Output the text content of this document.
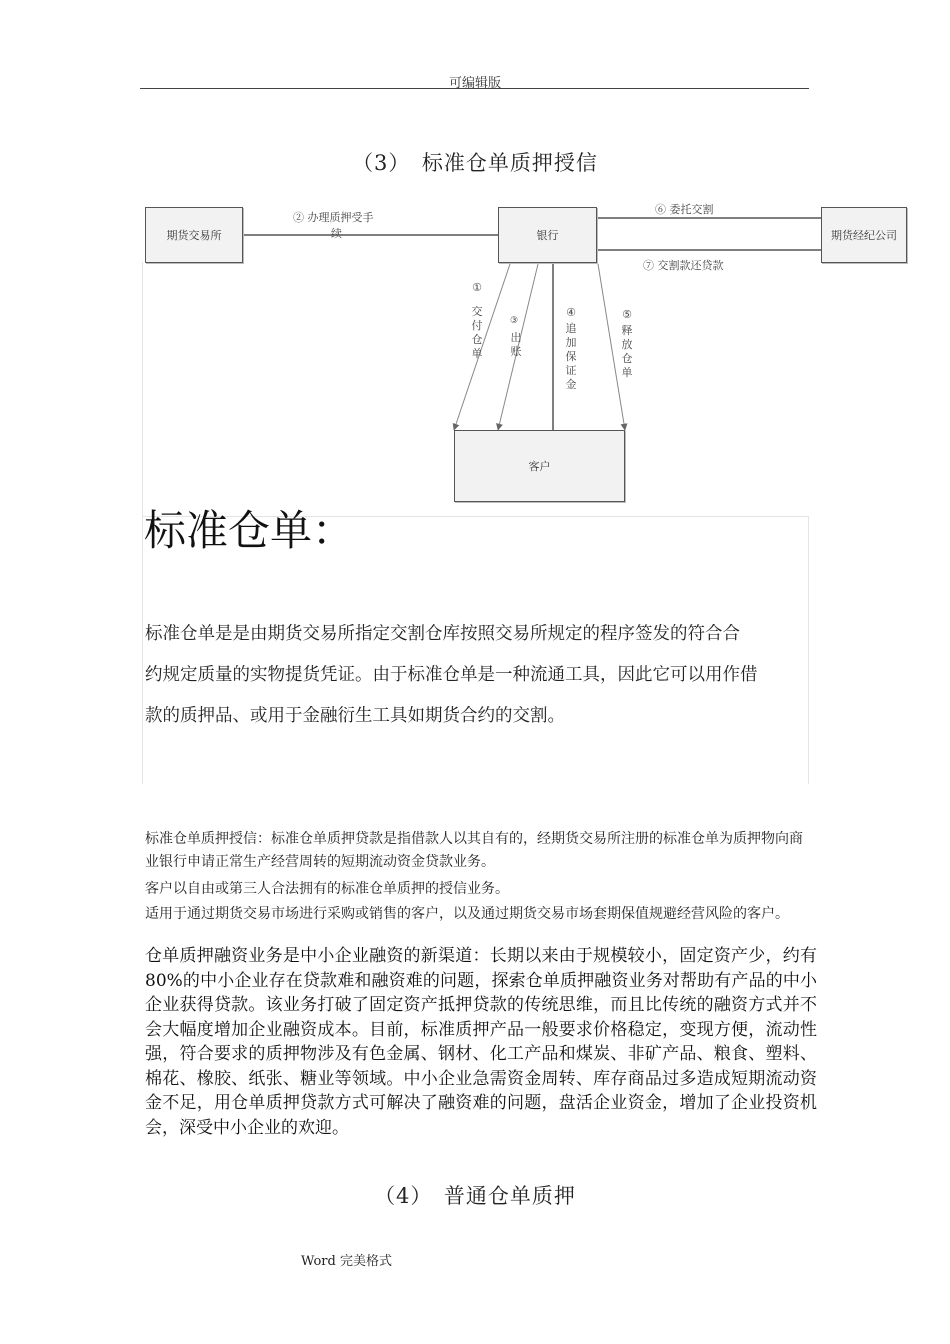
可编辑版
（3）　标准仓单质押授信
期货交易所	银行	期货经纪公司
客户
② 办理质押受手
续
⑥ 委托交割
⑦ 交割款还贷款
①
交付仓单
③
出账
④
追加保证金
⑤
释放仓单
标准仓单：
标准仓单是是由期货交易所指定交割仓库按照交易所规定的程序签发的符合合
约规定质量的实物提货凭证。由于标准仓单是一种流通工具，因此它可以用作借
款的质押品、或用于金融衍生工具如期货合约的交割。
标准仓单质押授信：标准仓单质押贷款是指借款人以其自有的，经期货交易所注册的标准仓单为质押物向商业银行申请正常生产经营周转的短期流动资金贷款业务。
客户以自由或第三人合法拥有的标准仓单质押的授信业务。
适用于通过期货交易市场进行采购或销售的客户，以及通过期货交易市场套期保值规避经营风险的客户。
仓单质押融资业务是中小企业融资的新渠道：长期以来由于规模较小，固定资产少，约有 80%的中小企业存在贷款难和融资难的问题，探索仓单质押融资业务对帮助有产品的中小企业获得贷款。该业务打破了固定资产抵押贷款的传统思维，而且比传统的融资方式并不会大幅度增加企业融资成本。目前，标准质押产品一般要求价格稳定，变现方便，流动性强，符合要求的质押物涉及有色金属、钢材、化工产品和煤炭、非矿产品、粮食、塑料、棉花、橡胶、纸张、糖业等领域。中小企业急需资金周转、库存商品过多造成短期流动资金不足，用仓单质押贷款方式可解决了融资难的问题，盘活企业资金，增加了企业投资机会，深受中小企业的欢迎。
（4）　普通仓单质押
Word 完美格式
